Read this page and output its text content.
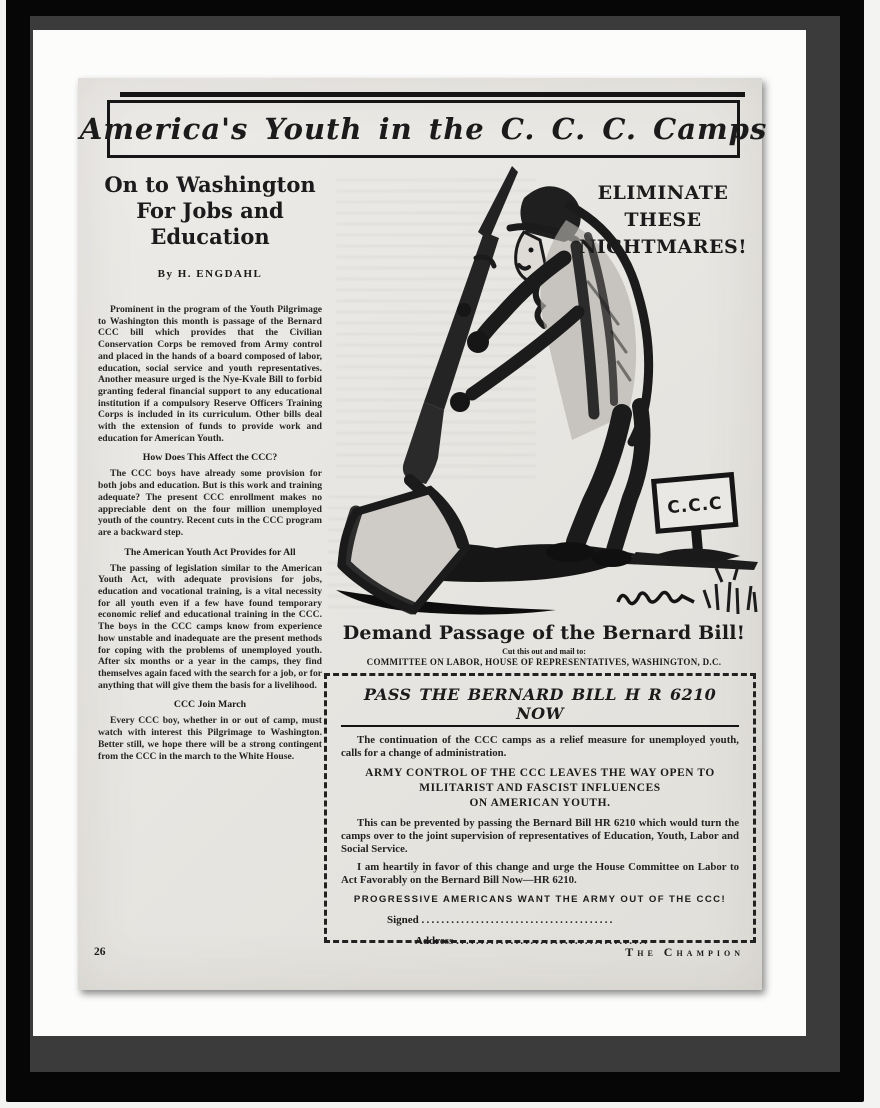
America's Youth in the C. C. C. Camps
On to Washington
For Jobs and
Education
By H. ENGDAHL

Prominent in the program of the Youth Pilgrimage to Washington this month is passage of the Bernard CCC bill which provides that the Civilian Conservation Corps be removed from Army control and placed in the hands of a board composed of labor, education, social service and youth representatives. Another measure urged is the Nye-Kvale Bill to forbid granting federal financial support to any educational institution if a compulsory Reserve Officers Training Corps is included in its curriculum. Other bills deal with the extension of funds to provide work and education for American Youth.

How Does This Affect the CCC?

The CCC boys have already some provision for both jobs and education. But is this work and training adequate? The present CCC enrollment makes no appreciable dent on the four million unemployed youth of the country. Recent cuts in the CCC program are a backward step.

The American Youth Act Provides for All

The passing of legislation similar to the American Youth Act, with adequate provisions for jobs, education and vocational training, is a vital necessity for all youth even if a few have found temporary economic relief and educational training in the CCC. The boys in the CCC camps know from experience how unstable and inadequate are the present methods for coping with the problems of unemployed youth. After six months or a year in the camps, they find themselves again faced with the search for a job, or for anything that will give them the basis for a livelihood.

CCC Join March

Every CCC boy, whether in or out of camp, must watch with interest this Pilgrimage to Washington. Better still, we hope there will be a strong contingent from the CCC in the march to the White House.

ELIMINATE
THESE
NIGHTMARES!
C.C.C
Demand Passage of the Bernard Bill!
Cut this out and mail to:
COMMITTEE ON LABOR, HOUSE OF REPRESENTATIVES, WASHINGTON, D.C.
PASS THE BERNARD BILL H R 6210 NOW

The continuation of the CCC camps as a relief measure for unemployed youth, calls for a change of administration.

ARMY CONTROL OF THE CCC LEAVES THE WAY OPEN TO
MILITARIST AND FASCIST INFLUENCES
ON AMERICAN YOUTH.

This can be prevented by passing the Bernard Bill HR 6210 which would turn the camps over to the joint supervision of representatives of Education, Youth, Labor and Social Service.

I am heartily in favor of this change and urge the House Committee on Labor to Act Favorably on the Bernard Bill Now—HR 6210.

PROGRESSIVE AMERICANS WANT THE ARMY OUT OF THE CCC!
Signed .......................................
Address .......................................
26	The Champion
